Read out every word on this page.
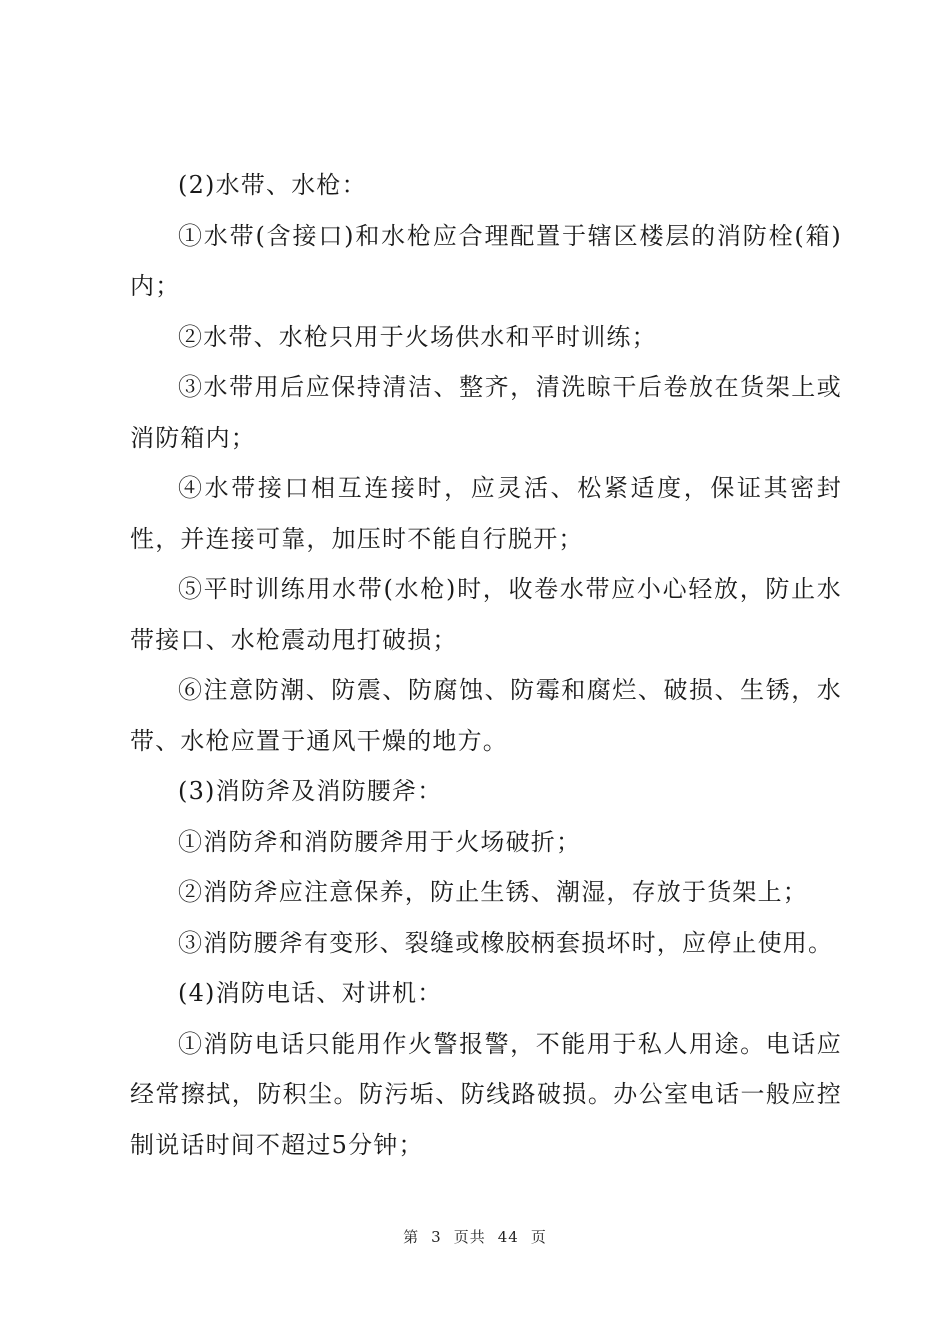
(2)水带、水枪：

①水带(含接口)和水枪应合理配置于辖区楼层的消防栓(箱)内；

②水带、水枪只用于火场供水和平时训练；

③水带用后应保持清洁、整齐，清洗晾干后卷放在货架上或消防箱内；

④水带接口相互连接时，应灵活、松紧适度，保证其密封性，并连接可靠，加压时不能自行脱开；

⑤平时训练用水带(水枪)时，收卷水带应小心轻放，防止水带接口、水枪震动甩打破损；

⑥注意防潮、防震、防腐蚀、防霉和腐烂、破损、生锈，水带、水枪应置于通风干燥的地方。

(3)消防斧及消防腰斧：

①消防斧和消防腰斧用于火场破折；

②消防斧应注意保养，防止生锈、潮湿，存放于货架上；

③消防腰斧有变形、裂缝或橡胶柄套损坏时，应停止使用。

(4)消防电话、对讲机：

①消防电话只能用作火警报警，不能用于私人用途。电话应经常擦拭，防积尘。防污垢、防线路破损。办公室电话一般应控制说话时间不超过5分钟；

第 3 页共 44 页
